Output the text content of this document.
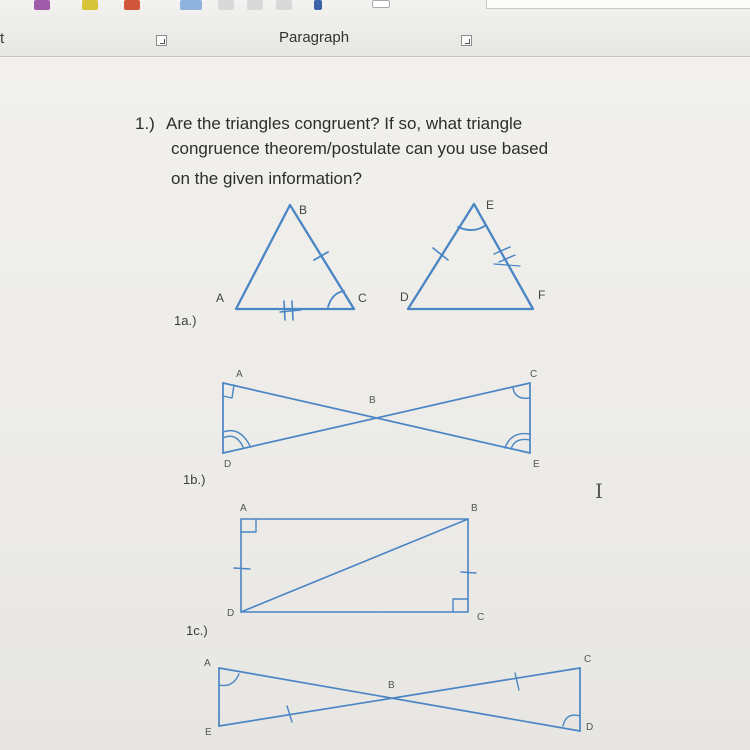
t	Paragraph
1.) Are the triangles congruent? If so, what triangle
congruence theorem/postulate can you use based
on the given information?
1a.)
1b.)
1c.)
A
B
C	D
E
F
A
B
C
D	E
A	B
C
D
A
B
C
D
E
I
